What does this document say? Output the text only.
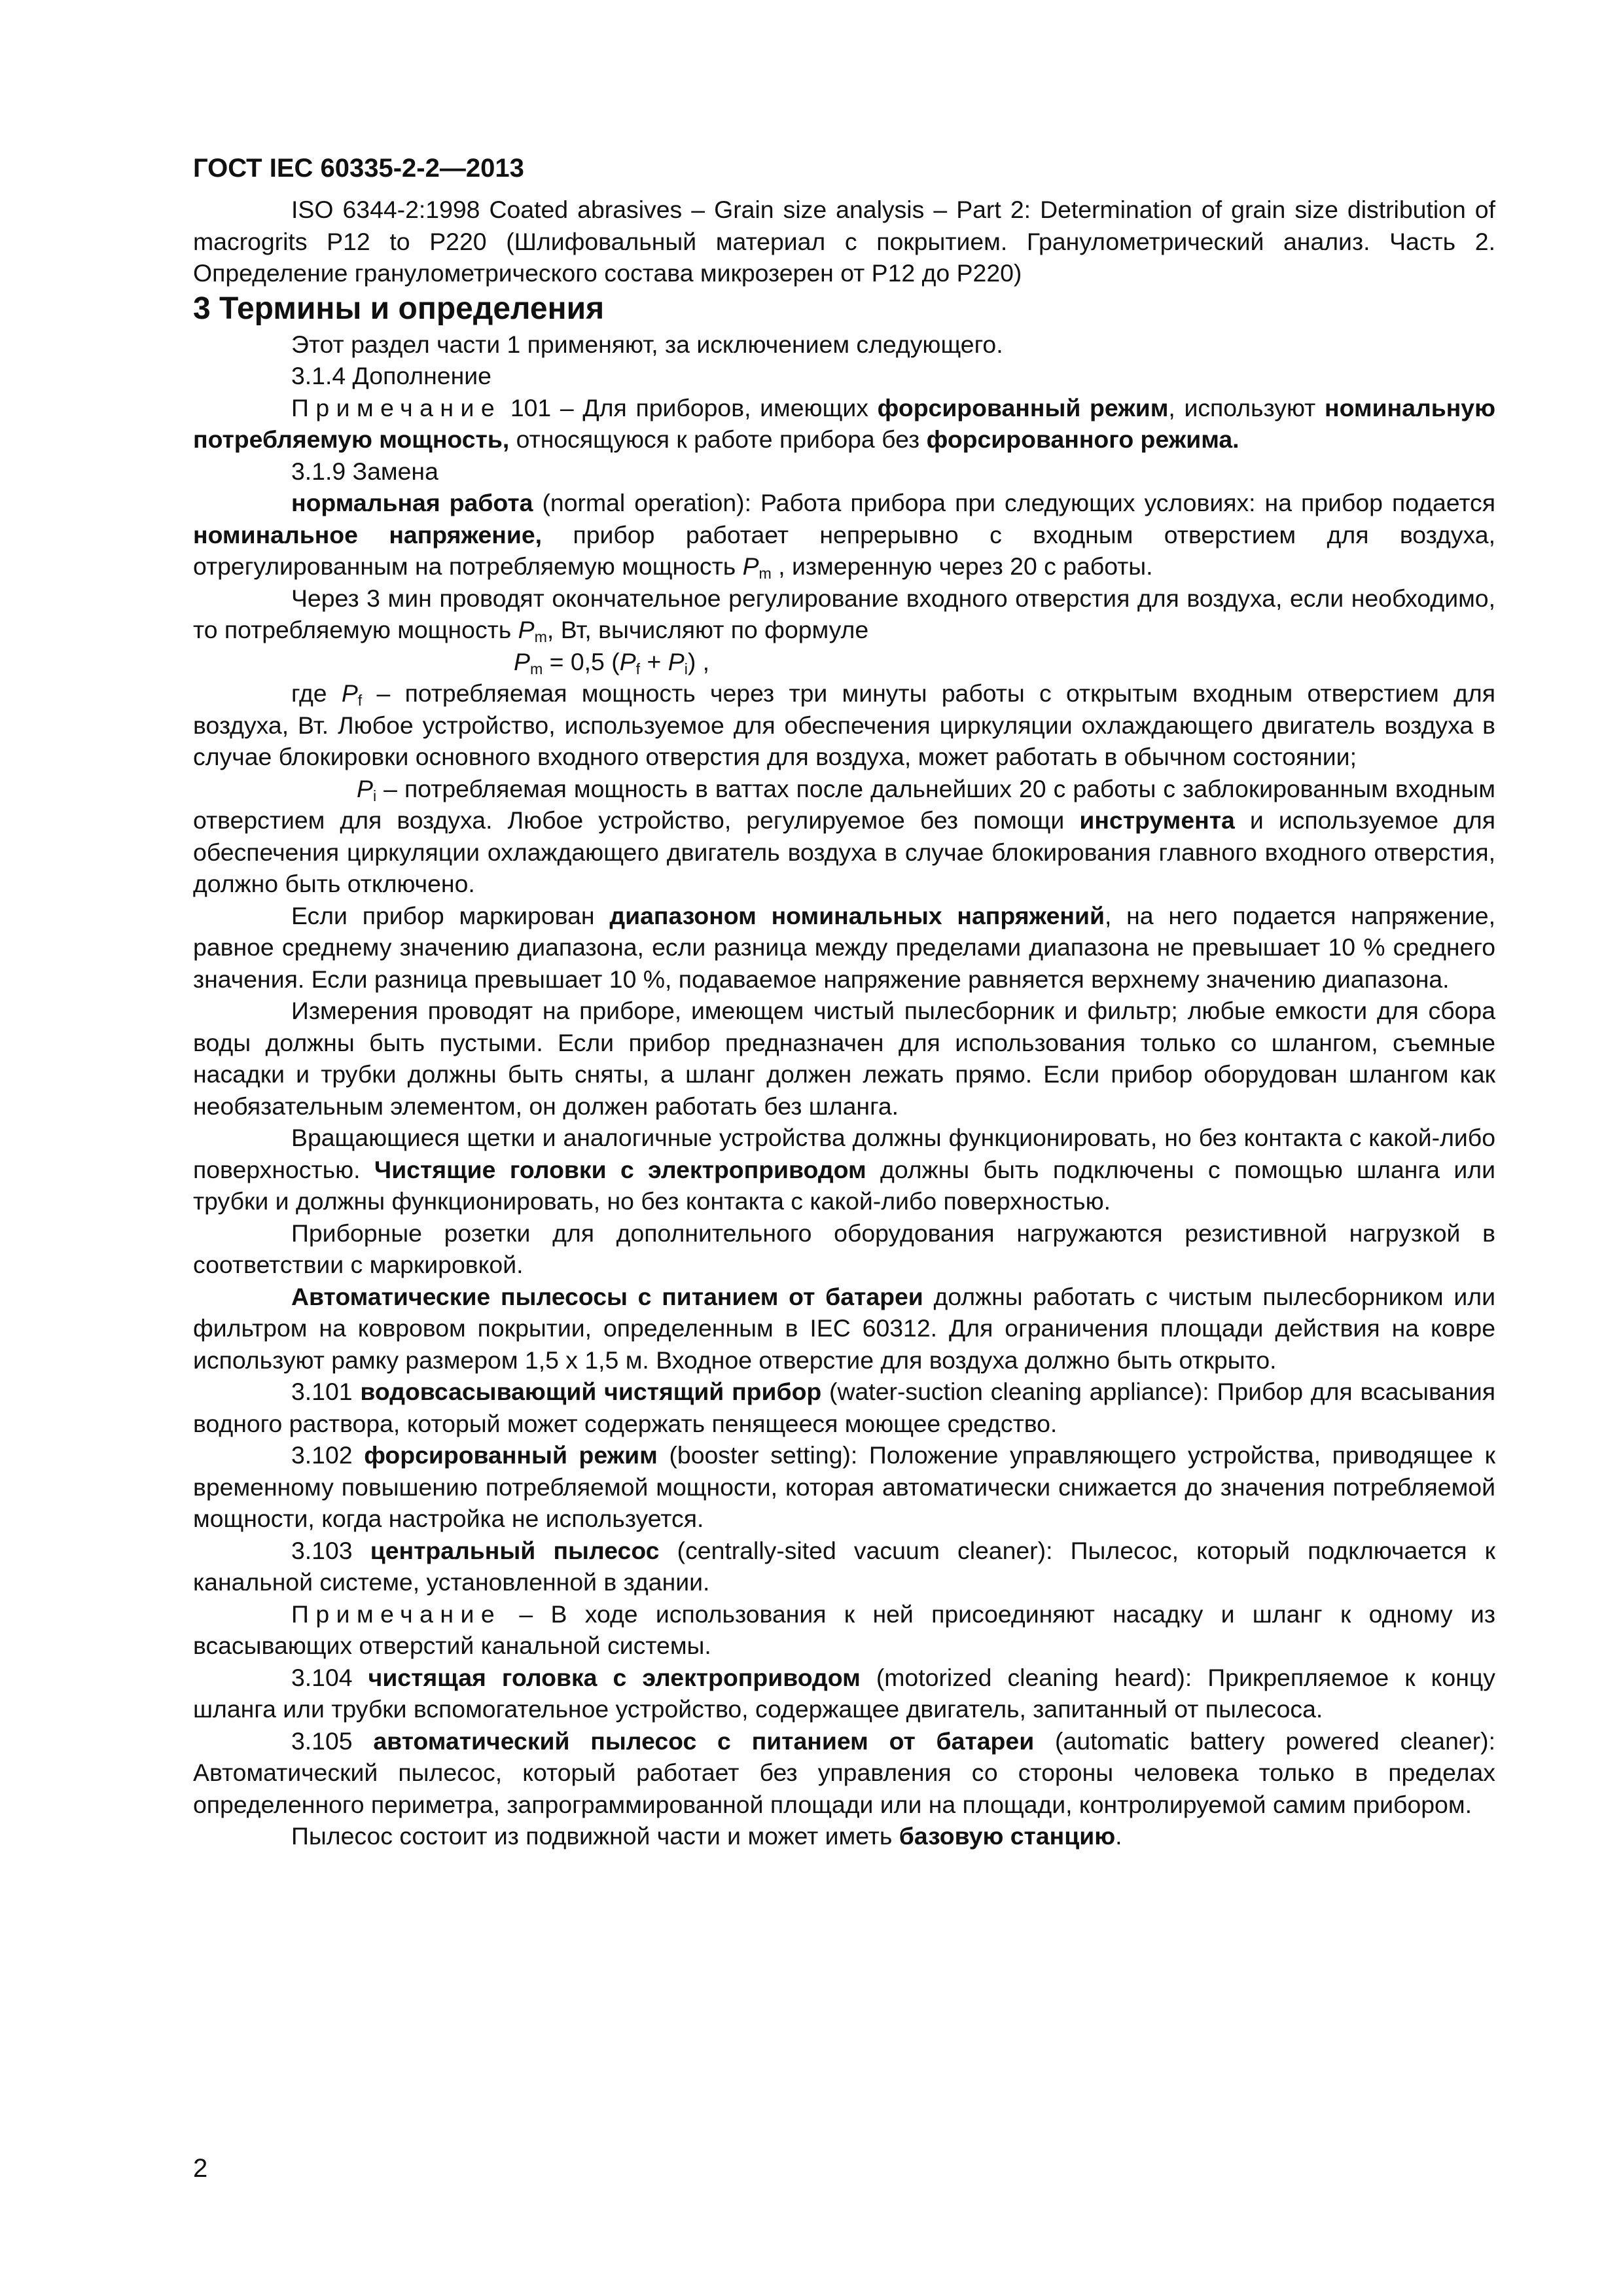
ГОСТ IEC 60335-2-2—2013

ISO 6344-2:1998 Coated abrasives – Grain size analysis – Part 2: Determination of grain size distribution of macrogrits P12 to P220 (Шлифовальный материал с покрытием. Гранулометрический анализ. Часть 2. Определение гранулометрического состава микрозерен от P12 до P220)

3 Термины и определения

Этот раздел части 1 применяют, за исключением следующего.

3.1.4 Дополнение

Примечание 101 – Для приборов, имеющих форсированный режим, используют номинальную потребляемую мощность, относящуюся к работе прибора без форсированного режима.

3.1.9 Замена

нормальная работа (normal operation): Работа прибора при следующих условиях: на прибор подается номинальное напряжение, прибор работает непрерывно с входным отверстием для воздуха, отрегулированным на потребляемую мощность $P_m$ , измеренную через 20 с работы.

Через 3 мин проводят окончательное регулирование входного отверстия для воздуха, если необходимо, то потребляемую мощность $P_m$, Вт, вычисляют по формуле

$P_m = 0,5$ $(P_f + P_i)$ ,

где $P_f$ – потребляемая мощность через три минуты работы с открытым входным отверстием для воздуха, Вт. Любое устройство, используемое для обеспечения циркуляции охлаждающего двигатель воздуха в случае блокировки основного входного отверстия для воздуха, может работать в обычном состоянии;

$P_i$ – потребляемая мощность в ваттах после дальнейших 20 с работы с заблокированным входным отверстием для воздуха. Любое устройство, регулируемое без помощи инструмента и используемое для обеспечения циркуляции охлаждающего двигатель воздуха в случае блокирования главного входного отверстия, должно быть отключено.

Если прибор маркирован диапазоном номинальных напряжений, на него подается напряжение, равное среднему значению диапазона, если разница между пределами диапазона не превышает 10 % среднего значения. Если разница превышает 10 %, подаваемое напряжение равняется верхнему значению диапазона.

Измерения проводят на приборе, имеющем чистый пылесборник и фильтр; любые емкости для сбора воды должны быть пустыми. Если прибор предназначен для использования только со шлангом, съемные насадки и трубки должны быть сняты, а шланг должен лежать прямо. Если прибор оборудован шлангом как необязательным элементом, он должен работать без шланга.

Вращающиеся щетки и аналогичные устройства должны функционировать, но без контакта с какой-либо поверхностью. Чистящие головки с электроприводом должны быть подключены с помощью шланга или трубки и должны функционировать, но без контакта с какой-либо поверхностью.

Приборные розетки для дополнительного оборудования нагружаются резистивной нагрузкой в соответствии с маркировкой.

Автоматические пылесосы с питанием от батареи должны работать с чистым пылесборником или фильтром на ковровом покрытии, определенным в IEC 60312. Для ограничения площади действия на ковре используют рамку размером 1,5 х 1,5 м. Входное отверстие для воздуха должно быть открыто.

3.101 водовсасывающий чистящий прибор (water-suction cleaning appliance): Прибор для всасывания водного раствора, который может содержать пенящееся моющее средство.

3.102 форсированный режим (booster setting): Положение управляющего устройства, приводящее к временному повышению потребляемой мощности, которая автоматически снижается до значения потребляемой мощности, когда настройка не используется.

3.103 центральный пылесос (centrally-sited vacuum cleaner): Пылесос, который подключается к канальной системе, установленной в здании.

Примечание – В ходе использования к ней присоединяют насадку и шланг к одному из всасывающих отверстий канальной системы.

3.104 чистящая головка с электроприводом (motorized cleaning heard): Прикрепляемое к концу шланга или трубки вспомогательное устройство, содержащее двигатель, запитанный от пылесоса.

3.105 автоматический пылесос с питанием от батареи (automatic battery powered cleaner): Автоматический пылесос, который работает без управления со стороны человека только в пределах определенного периметра, запрограммированной площади или на площади, контролируемой самим прибором.

Пылесос состоит из подвижной части и может иметь базовую станцию.

2
